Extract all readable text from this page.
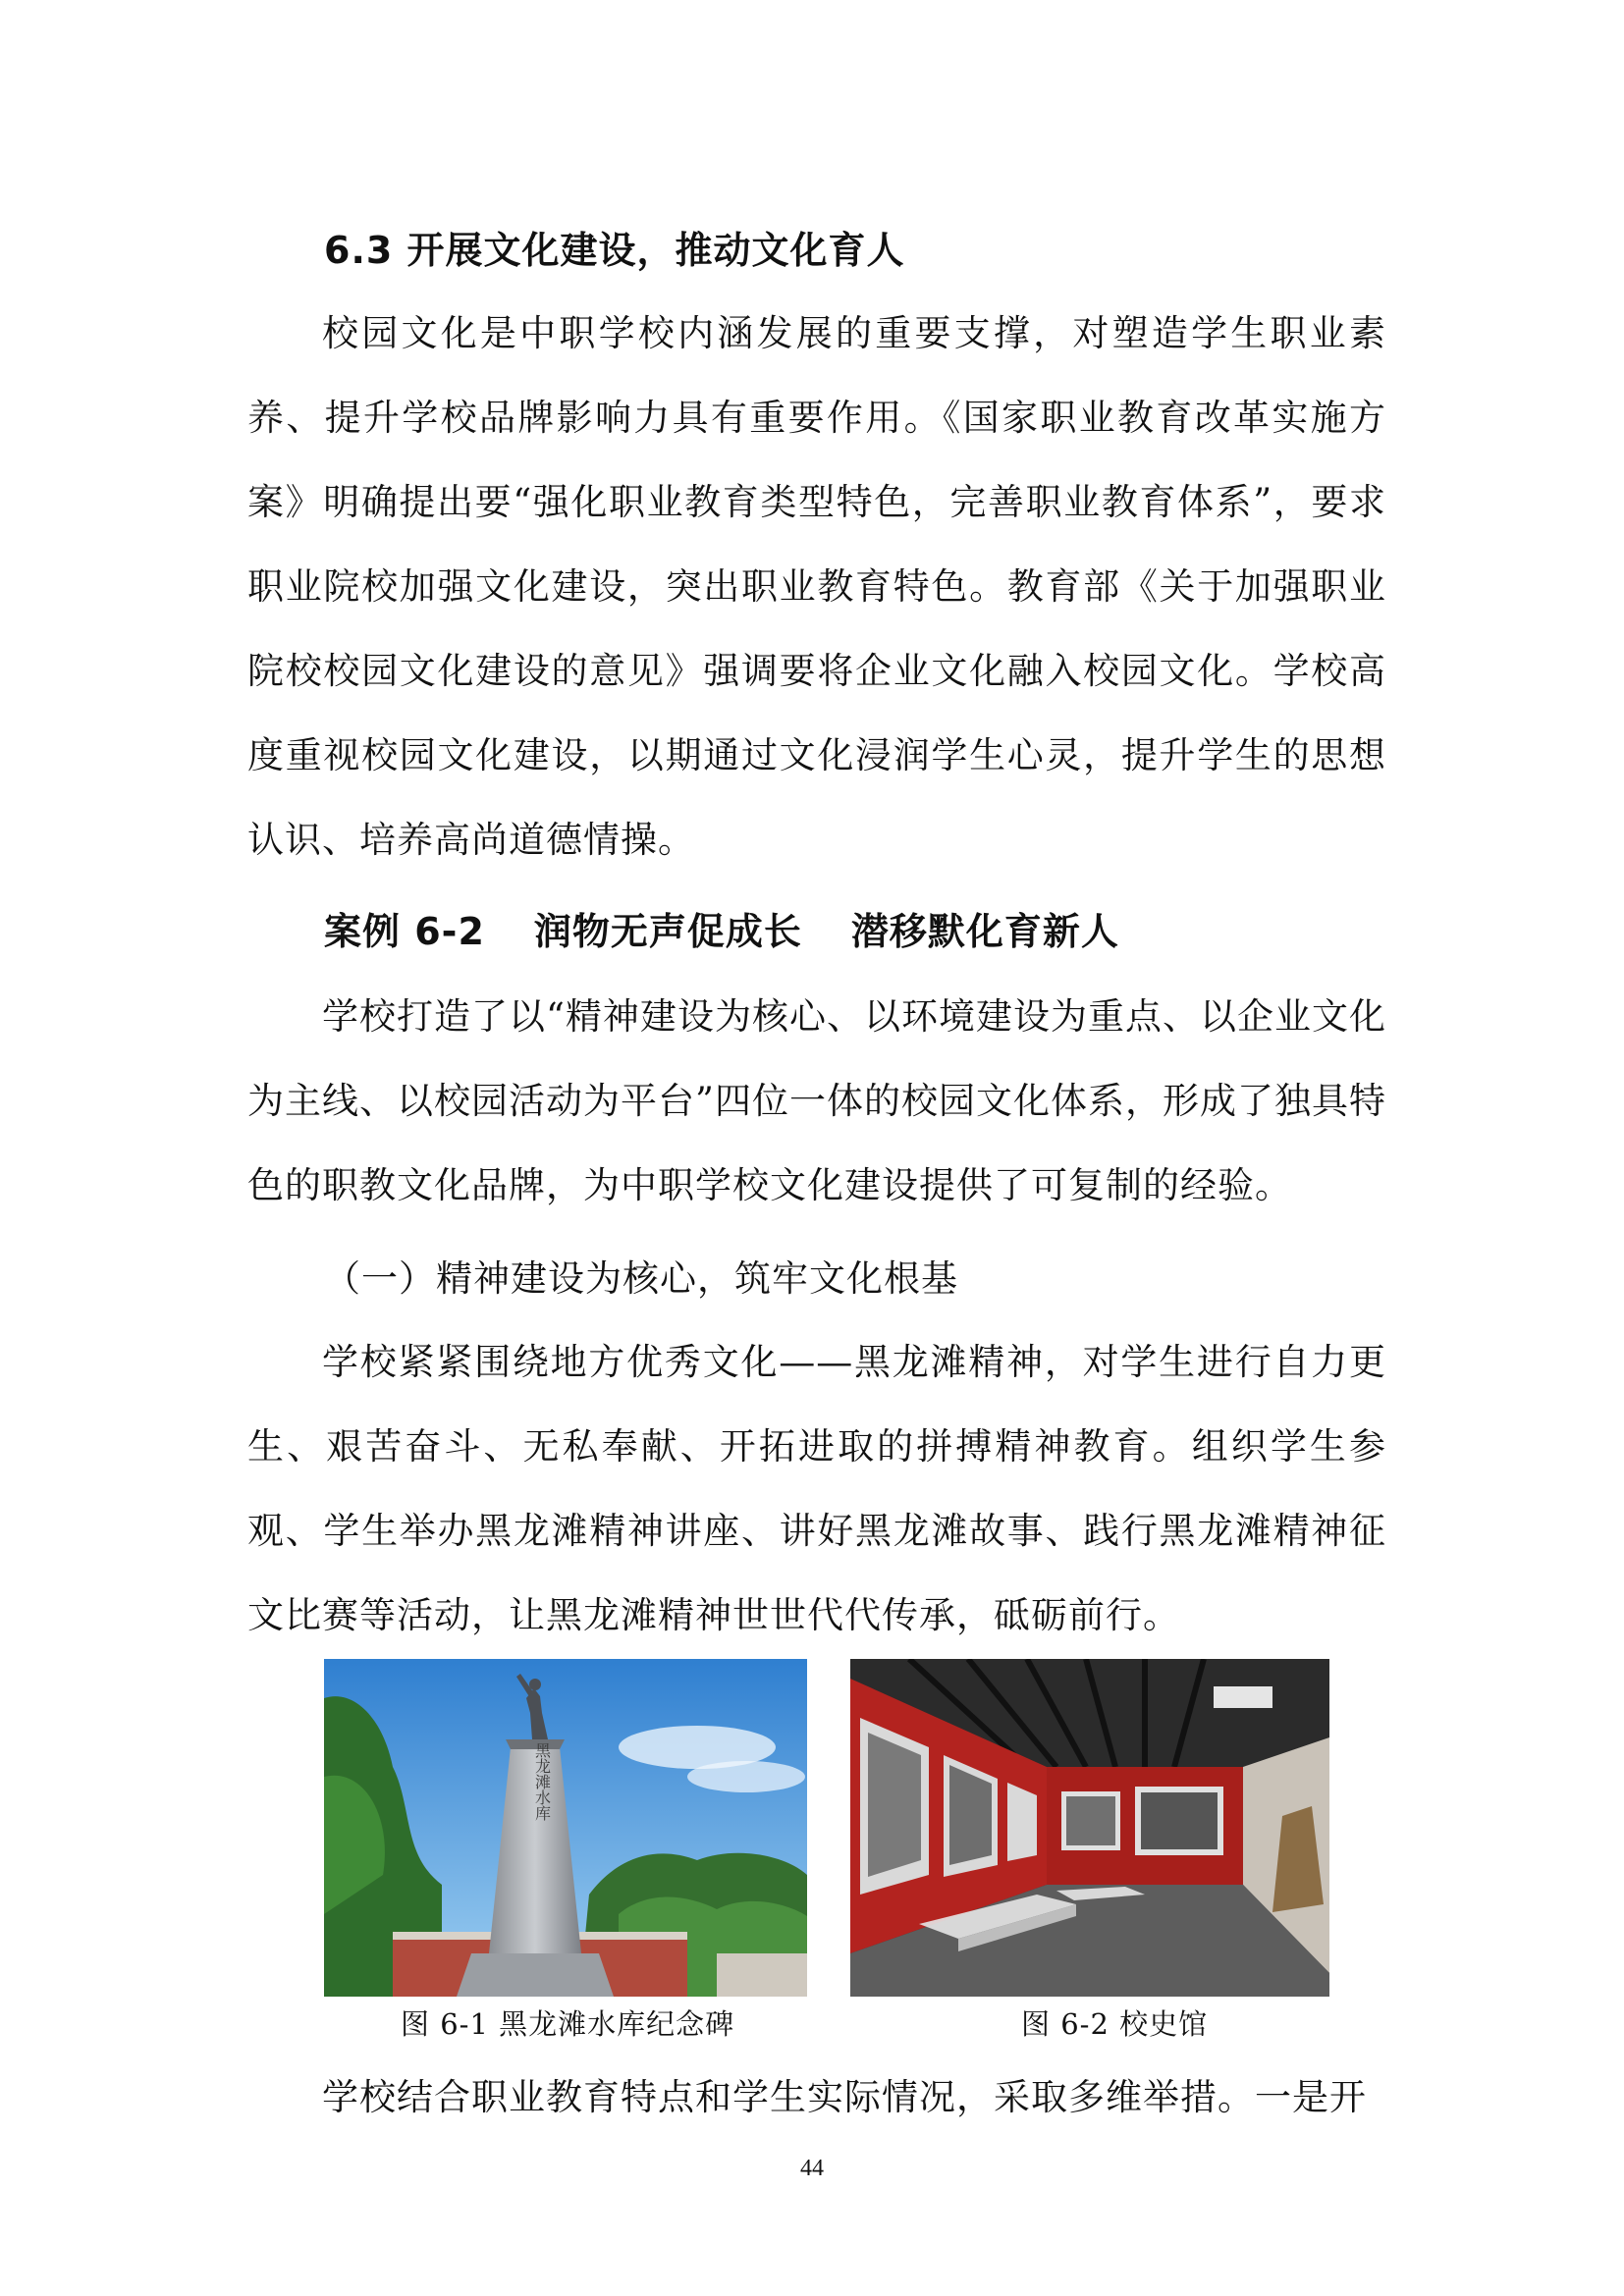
6.3 开展文化建设，推动文化育人

校园文化是中职学校内涵发展的重要支撑，对塑造学生职业素养、提升学校品牌影响力具有重要作用。《国家职业教育改革实施方案》明确提出要“强化职业教育类型特色，完善职业教育体系”，要求职业院校加强文化建设，突出职业教育特色。教育部《关于加强职业院校校园文化建设的意见》强调要将企业文化融入校园文化。学校高度重视校园文化建设，以期通过文化浸润学生心灵，提升学生的思想认识、培养高尚道德情操。

案例 6-2 润物无声促成长 潜移默化育新人

学校打造了以“精神建设为核心、以环境建设为重点、以企业文化为主线、以校园活动为平台”四位一体的校园文化体系，形成了独具特色的职教文化品牌，为中职学校文化建设提供了可复制的经验。

（一）精神建设为核心，筑牢文化根基

学校紧紧围绕地方优秀文化——黑龙滩精神，对学生进行自力更生、艰苦奋斗、无私奉献、开拓进取的拼搏精神教育。组织学生参观、学生举办黑龙滩精神讲座、讲好黑龙滩故事、践行黑龙滩精神征文比赛等活动，让黑龙滩精神世世代代传承，砥砺前行。

黑龙滩水库
图 6-1 黑龙滩水库纪念碑	图 6-2 校史馆

学校结合职业教育特点和学生实际情况，采取多维举措。一是开

44
